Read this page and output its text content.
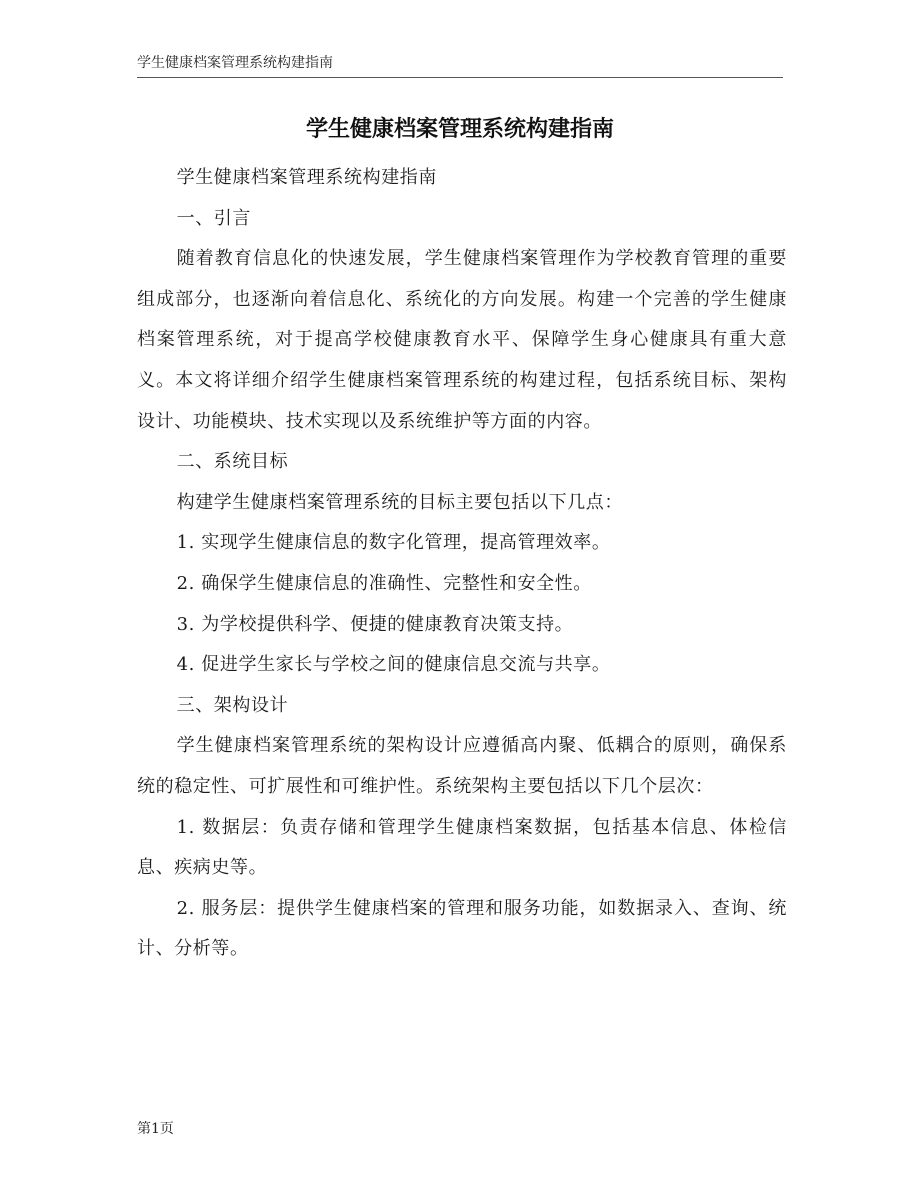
学生健康档案管理系统构建指南
学生健康档案管理系统构建指南

学生健康档案管理系统构建指南

一、引言

随着教育信息化的快速发展，学生健康档案管理作为学校教育管理的重要组成部分，也逐渐向着信息化、系统化的方向发展。构建一个完善的学生健康档案管理系统，对于提高学校健康教育水平、保障学生身心健康具有重大意义。本文将详细介绍学生健康档案管理系统的构建过程，包括系统目标、架构设计、功能模块、技术实现以及系统维护等方面的内容。

二、系统目标

构建学生健康档案管理系统的目标主要包括以下几点：

1. 实现学生健康信息的数字化管理，提高管理效率。

2. 确保学生健康信息的准确性、完整性和安全性。

3. 为学校提供科学、便捷的健康教育决策支持。

4. 促进学生家长与学校之间的健康信息交流与共享。

三、架构设计

学生健康档案管理系统的架构设计应遵循高内聚、低耦合的原则，确保系统的稳定性、可扩展性和可维护性。系统架构主要包括以下几个层次：

1. 数据层：负责存储和管理学生健康档案数据，包括基本信息、体检信息、疾病史等。

2. 服务层：提供学生健康档案的管理和服务功能，如数据录入、查询、统计、分析等。

第1页
